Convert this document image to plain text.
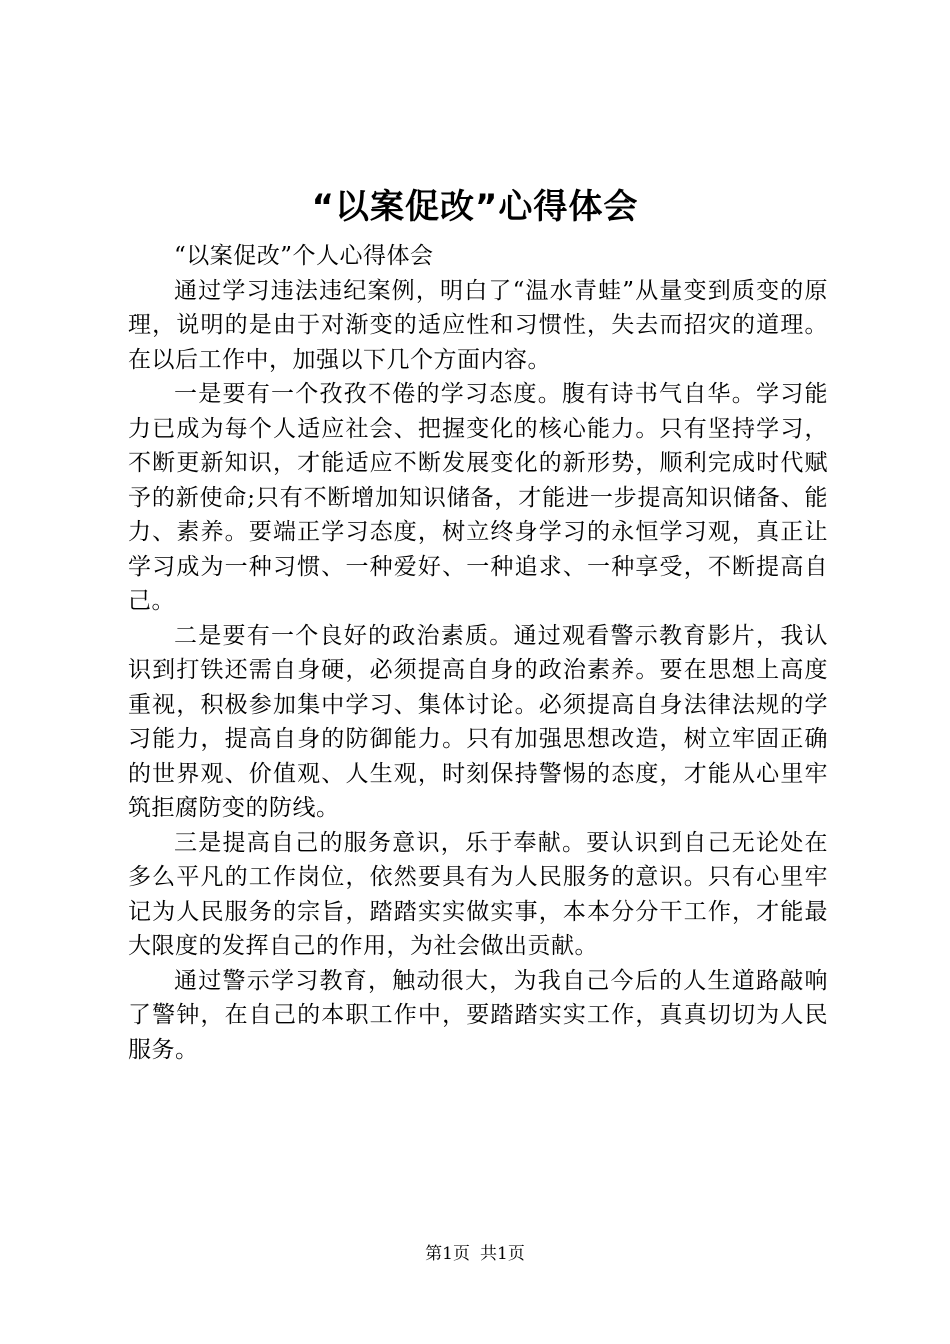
“以案促改”心得体会

“以案促改”个人心得体会

通过学习违法违纪案例，明白了“温水青蛙”从量变到质变的原理，说明的是由于对渐变的适应性和习惯性，失去而招灾的道理。在以后工作中，加强以下几个方面内容。

一是要有一个孜孜不倦的学习态度。腹有诗书气自华。学习能力已成为每个人适应社会、把握变化的核心能力。只有坚持学习，不断更新知识，才能适应不断发展变化的新形势，顺利完成时代赋予的新使命;只有不断增加知识储备，才能进一步提高知识储备、能力、素养。要端正学习态度，树立终身学习的永恒学习观，真正让学习成为一种习惯、一种爱好、一种追求、一种享受，不断提高自己。

二是要有一个良好的政治素质。通过观看警示教育影片，我认识到打铁还需自身硬，必须提高自身的政治素养。要在思想上高度重视，积极参加集中学习、集体讨论。必须提高自身法律法规的学习能力，提高自身的防御能力。只有加强思想改造，树立牢固正确的世界观、价值观、人生观，时刻保持警惕的态度，才能从心里牢筑拒腐防变的防线。

三是提高自己的服务意识，乐于奉献。要认识到自己无论处在多么平凡的工作岗位，依然要具有为人民服务的意识。只有心里牢记为人民服务的宗旨，踏踏实实做实事，本本分分干工作，才能最大限度的发挥自己的作用，为社会做出贡献。

通过警示学习教育，触动很大，为我自己今后的人生道路敲响了警钟，在自己的本职工作中，要踏踏实实工作，真真切切为人民服务。

第1页 共1页
